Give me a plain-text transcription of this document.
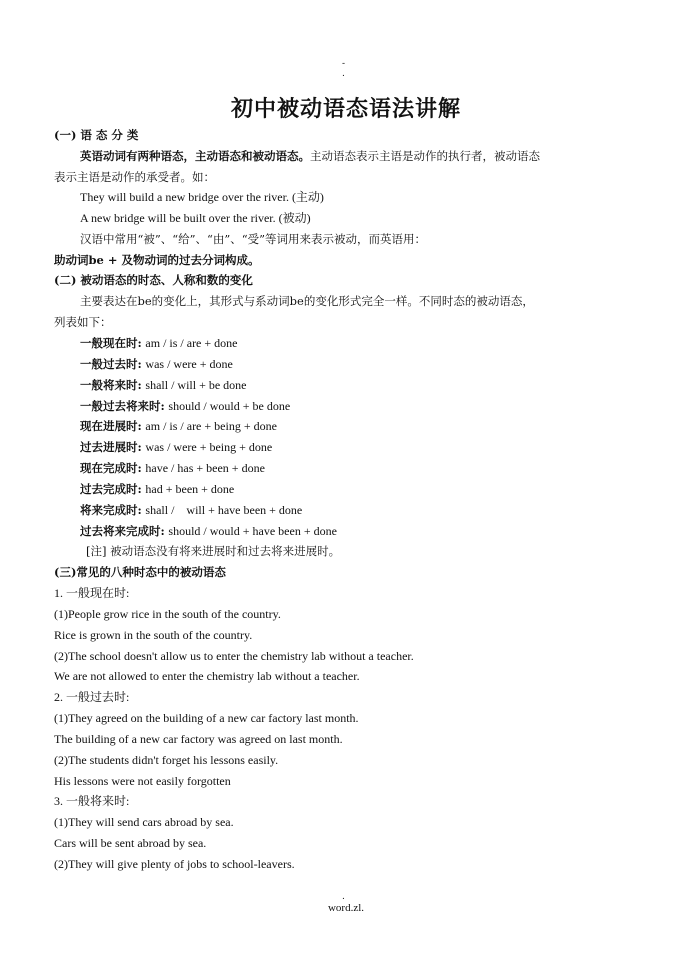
-
.
初中被动语态语法讲解
(一) 语 态 分 类
英语动词有两种语态，主动语态和被动语态。主动语态表示主语是动作的执行者，被动语态
表示主语是动作的承受者。如：
They will build a new bridge over the river. (主动)
A new bridge will be built over the river. (被动)
汉语中常用“被”、“给”、“由”、“受”等词用来表示被动，而英语用：
助动词be + 及物动词的过去分词构成。
(二) 被动语态的时态、人称和数的变化
主要表达在be的变化上，其形式与系动词be的变化形式完全一样。不同时态的被动语态，
列表如下：
一般现在时: am / is / are + done
一般过去时: was / were + done
一般将来时: shall / will + be done
一般过去将来时: should / would + be done
现在进展时: am / is / are + being + done
过去进展时: was / were + being + done
现在完成时: have / has + been + done
过去完成时: had + been + done
将来完成时: shall /    will + have been + done
过去将来完成时: should / would + have been + done
[注] 被动语态没有将来进展时和过去将来进展时。
(三)常见的八种时态中的被动语态
1. 一般现在时:
(1)People grow rice in the south of the country.
Rice is grown in the south of the country.
(2)The school doesn't allow us to enter the chemistry lab without a teacher.
We are not allowed to enter the chemistry lab without a teacher.
2. 一般过去时:
(1)They agreed on the building of a new car factory last month.
The building of a new car factory was agreed on last month.
(2)The students didn't forget his lessons easily.
His lessons were not easily forgotten
3. 一般将来时:
(1)They will send cars abroad by sea.
Cars will be sent abroad by sea.
(2)They will give plenty of jobs to school-leavers.
.
word.zl.
